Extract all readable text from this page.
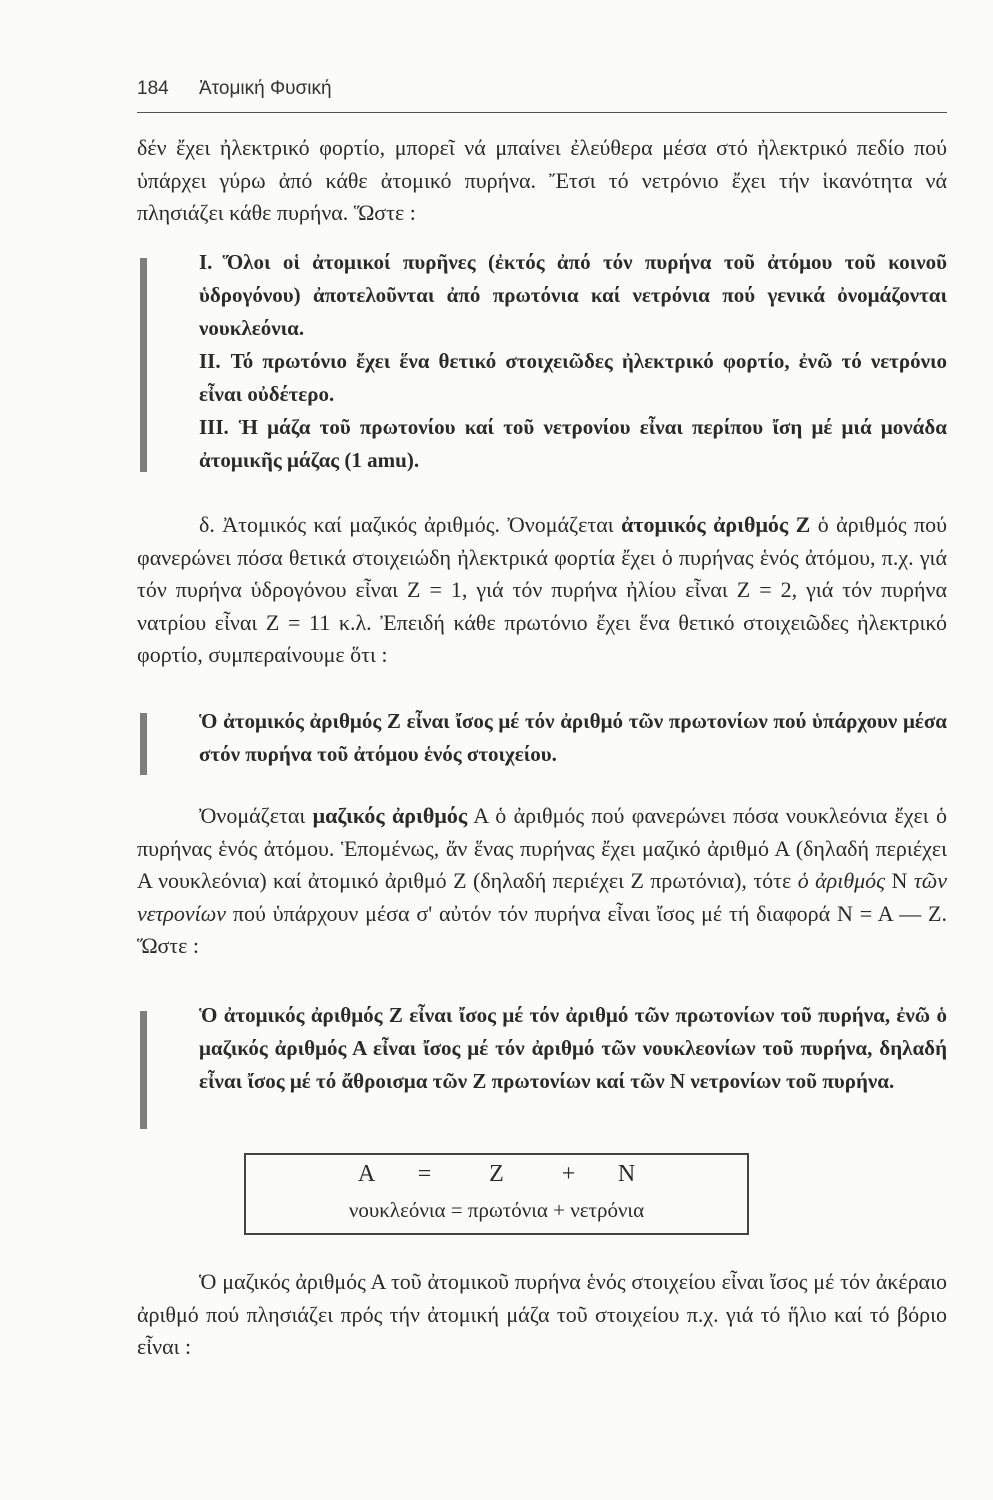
184 Ἀτομική Φυσική

δέν ἔχει ἠλεκτρικό φορτίο, μπορεῖ νά μπαίνει ἐλεύθερα μέσα στό ἠλεκτρικό πεδίο πού ὑπάρχει γύρω ἀπό κάθε ἀτομικό πυρήνα. Ἔτσι τό νετρόνιο ἔχει τήν ἱκανότητα νά πλησιάζει κάθε πυρήνα. Ὥστε :

Ι. Ὅλοι οἱ ἀτομικοί πυρῆνες (ἐκτός ἀπό τόν πυρήνα τοῦ ἀτόμου τοῦ κοινοῦ ὑδρογόνου) ἀποτελοῦνται ἀπό πρωτόνια καί νετρόνια πού γενικά ὀνομάζονται νουκλεόνια.

ΙΙ. Τό πρωτόνιο ἔχει ἕνα θετικό στοιχειῶδες ἠλεκτρικό φορτίο, ἐνῶ τό νετρόνιο εἶναι οὐδέτερο.

ΙΙΙ. Ἡ μάζα τοῦ πρωτονίου καί τοῦ νετρονίου εἶναι περίπου ἴση μέ μιά μονάδα ἀτομικῆς μάζας (1 amu).

δ. Ἀτομικός καί μαζικός ἀριθμός. Ὀνομάζεται ἀτομικός ἀριθμός Ζ ὁ ἀριθμός πού φανερώνει πόσα θετικά στοιχειώδη ἠλεκτρικά φορτία ἔχει ὁ πυρήνας ἑνός ἀτόμου, π.χ. γιά τόν πυρήνα ὑδρογόνου εἶναι Ζ = 1, γιά τόν πυρήνα ἠλίου εἶναι Ζ = 2, γιά τόν πυρήνα νατρίου εἶναι Ζ = 11 κ.λ. Ἐπειδή κάθε πρωτόνιο ἔχει ἕνα θετικό στοιχειῶδες ἠλεκτρικό φορτίο, συμπεραίνουμε ὅτι :

Ὁ ἀτομικός ἀριθμός Ζ εἶναι ἴσος μέ τόν ἀριθμό τῶν πρωτονίων πού ὑπάρχουν μέσα στόν πυρήνα τοῦ ἀτόμου ἑνός στοιχείου.

Ὀνομάζεται μαζικός ἀριθμός Α ὁ ἀριθμός πού φανερώνει πόσα νουκλεόνια ἔχει ὁ πυρήνας ἑνός ἀτόμου. Ἑπομένως, ἄν ἕνας πυρήνας ἔχει μαζικό ἀριθμό Α (δηλαδή περιέχει Α νουκλεόνια) καί ἀτομικό ἀριθμό Ζ (δηλαδή περιέχει Ζ πρωτόνια), τότε ὁ ἀριθμός Ν τῶν νετρονίων πού ὑπάρχουν μέσα σ' αὐτόν τόν πυρήνα εἶναι ἴσος μέ τή διαφορά Ν = Α — Ζ. Ὥστε :

Ὁ ἀτομικός ἀριθμός Ζ εἶναι ἴσος μέ τόν ἀριθμό τῶν πρωτονίων τοῦ πυρήνα, ἐνῶ ὁ μαζικός ἀριθμός Α εἶναι ἴσος μέ τόν ἀριθμό τῶν νουκλεονίων τοῦ πυρήνα, δηλαδή εἶναι ἴσος μέ τό ἄθροισμα τῶν Ζ πρωτονίων καί τῶν Ν νετρονίων τοῦ πυρήνα.
Α = Ζ + Ν
νουκλεόνια = πρωτόνια + νετρόνια

Ὁ μαζικός ἀριθμός Α τοῦ ἀτομικοῦ πυρήνα ἑνός στοιχείου εἶναι ἴσος μέ τόν ἀκέραιο ἀριθμό πού πλησιάζει πρός τήν ἀτομική μάζα τοῦ στοιχείου π.χ. γιά τό ἥλιο καί τό βόριο εἶναι :
